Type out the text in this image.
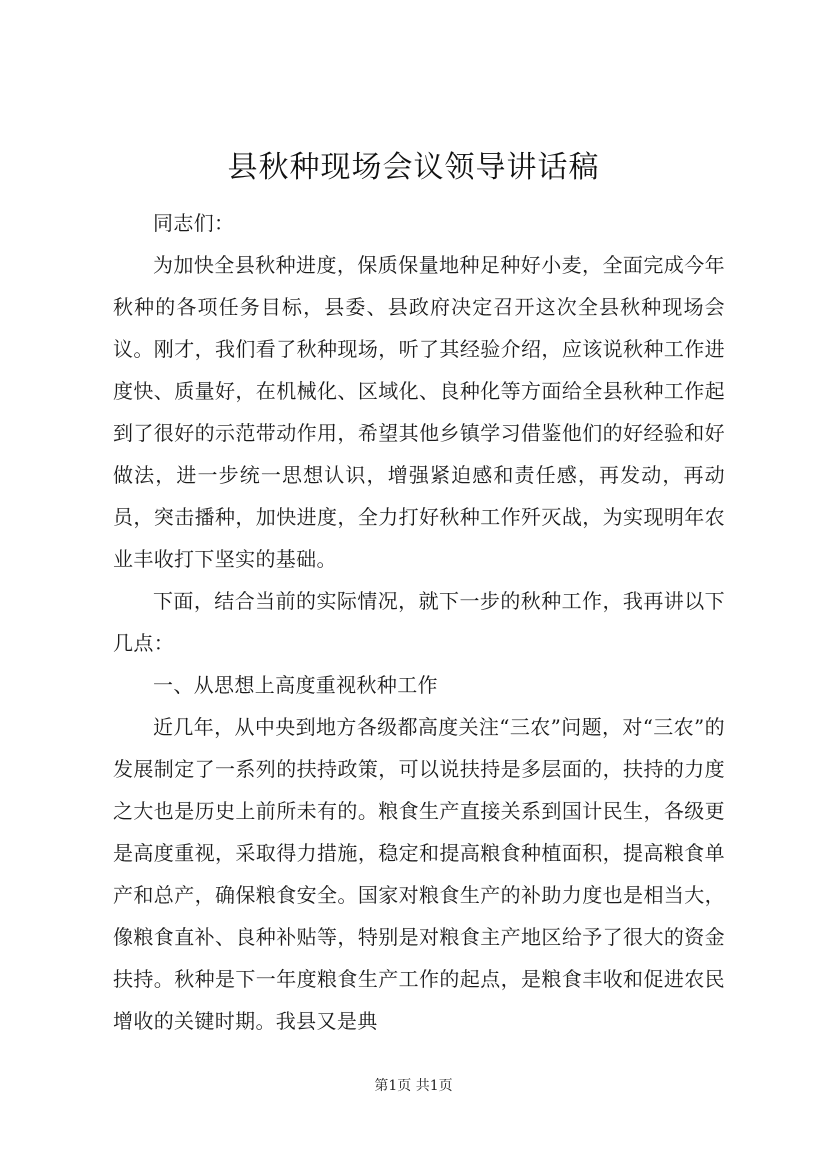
县秋种现场会议领导讲话稿

同志们：

为加快全县秋种进度，保质保量地种足种好小麦，全面完成今年秋种的各项任务目标，县委、县政府决定召开这次全县秋种现场会议。刚才，我们看了秋种现场，听了其经验介绍，应该说秋种工作进度快、质量好，在机械化、区域化、良种化等方面给全县秋种工作起到了很好的示范带动作用，希望其他乡镇学习借鉴他们的好经验和好做法，进一步统一思想认识，增强紧迫感和责任感，再发动，再动员，突击播种，加快进度，全力打好秋种工作歼灭战，为实现明年农业丰收打下坚实的基础。

下面，结合当前的实际情况，就下一步的秋种工作，我再讲以下几点：

一、从思想上高度重视秋种工作

近几年，从中央到地方各级都高度关注“三农”问题，对“三农”的发展制定了一系列的扶持政策，可以说扶持是多层面的，扶持的力度之大也是历史上前所未有的。粮食生产直接关系到国计民生，各级更是高度重视，采取得力措施，稳定和提高粮食种植面积，提高粮食单产和总产，确保粮食安全。国家对粮食生产的补助力度也是相当大，像粮食直补、良种补贴等，特别是对粮食主产地区给予了很大的资金扶持。秋种是下一年度粮食生产工作的起点，是粮食丰收和促进农民增收的关键时期。我县又是典

第1页 共1页
